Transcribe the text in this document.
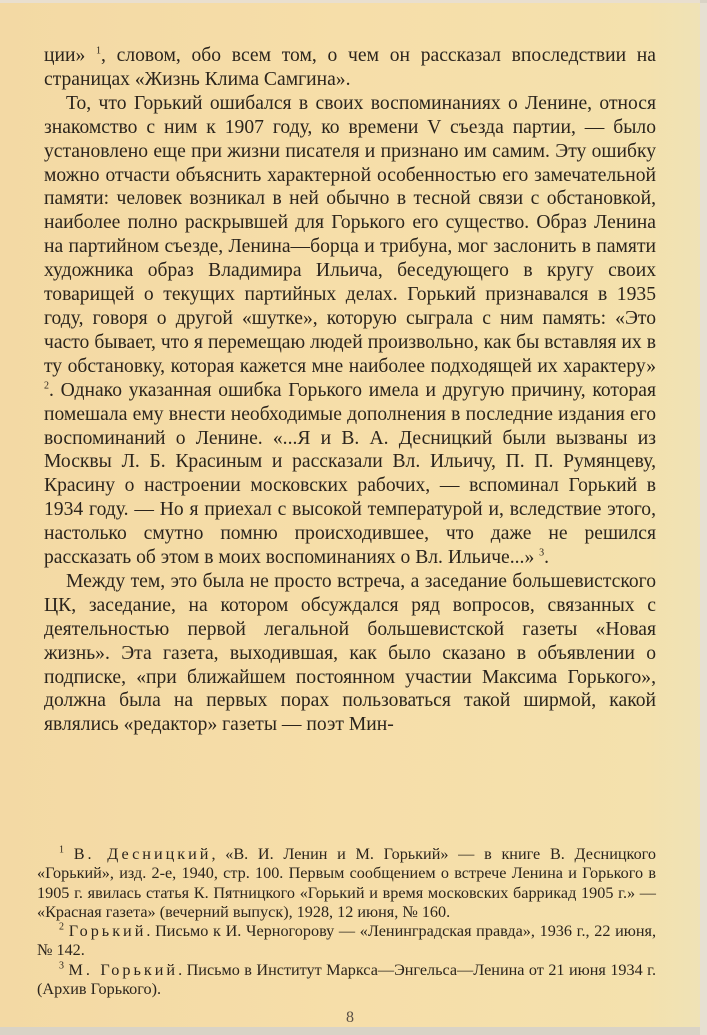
ции» $^1$, словом, обо всем том, о чем он рассказал впоследствии на страницах «Жизнь Клима Самгина».

То, что Горький ошибался в своих воспоминаниях о Ленине, относя знакомство с ним к 1907 году, ко времени V съезда партии, — было установлено еще при жизни писателя и признано им самим. Эту ошибку можно отчасти объяснить характерной особенностью его замечательной памяти: человек возникал в ней обычно в тесной связи с обстановкой, наиболее полно раскрывшей для Горького его существо. Образ Ленина на партийном съезде, Ленина—борца и трибуна, мог заслонить в памяти художника образ Владимира Ильича, беседующего в кругу своих товарищей о текущих партийных делах. Горький признавался в 1935 году, говоря о другой «шутке», которую сыграла с ним память: «Это часто бывает, что я перемещаю людей произвольно, как бы вставляя их в ту обстановку, которая кажется мне наиболее подходящей их характеру» $^2$. Однако указанная ошибка Горького имела и другую причину, которая помешала ему внести необходимые дополнения в последние издания его воспоминаний о Ленине. «...Я и В. А. Десницкий были вызваны из Москвы Л. Б. Красиным и рассказали Вл. Ильичу, П. П. Румянцеву, Красину о настроении московских рабочих, — вспоминал Горький в 1934 году. — Но я приехал с высокой температурой и, вследствие этого, настолько смутно помню происходившее, что даже не решился рассказать об этом в моих воспоминаниях о Вл. Ильиче...» $^3$.

Между тем, это была не просто встреча, а заседание большевистского ЦК, заседание, на котором обсуждался ряд вопросов, связанных с деятельностью первой легальной большевистской газеты «Новая жизнь». Эта газета, выходившая, как было сказано в объявлении о подписке, «при ближайшем постоянном участии Максима Горького», должна была на первых порах пользоваться такой ширмой, какой являлись «редактор» газеты — поэт Мин-

$^1$ В. Десницкий, «В. И. Ленин и М. Горький» — в книге В. Десницкого «Горький», изд. 2-е, 1940, стр. 100. Первым сообщением о встрече Ленина и Горького в 1905 г. явилась статья К. Пятницкого «Горький и время московских баррикад 1905 г.» — «Красная газета» (вечерний выпуск), 1928, 12 июня, № 160.

$^2$ Горький. Письмо к И. Черногорову — «Ленинградская правда», 1936 г., 22 июня, № 142.

$^3$ М. Горький. Письмо в Институт Маркса—Энгельса—Ленина от 21 июня 1934 г. (Архив Горького).

8
